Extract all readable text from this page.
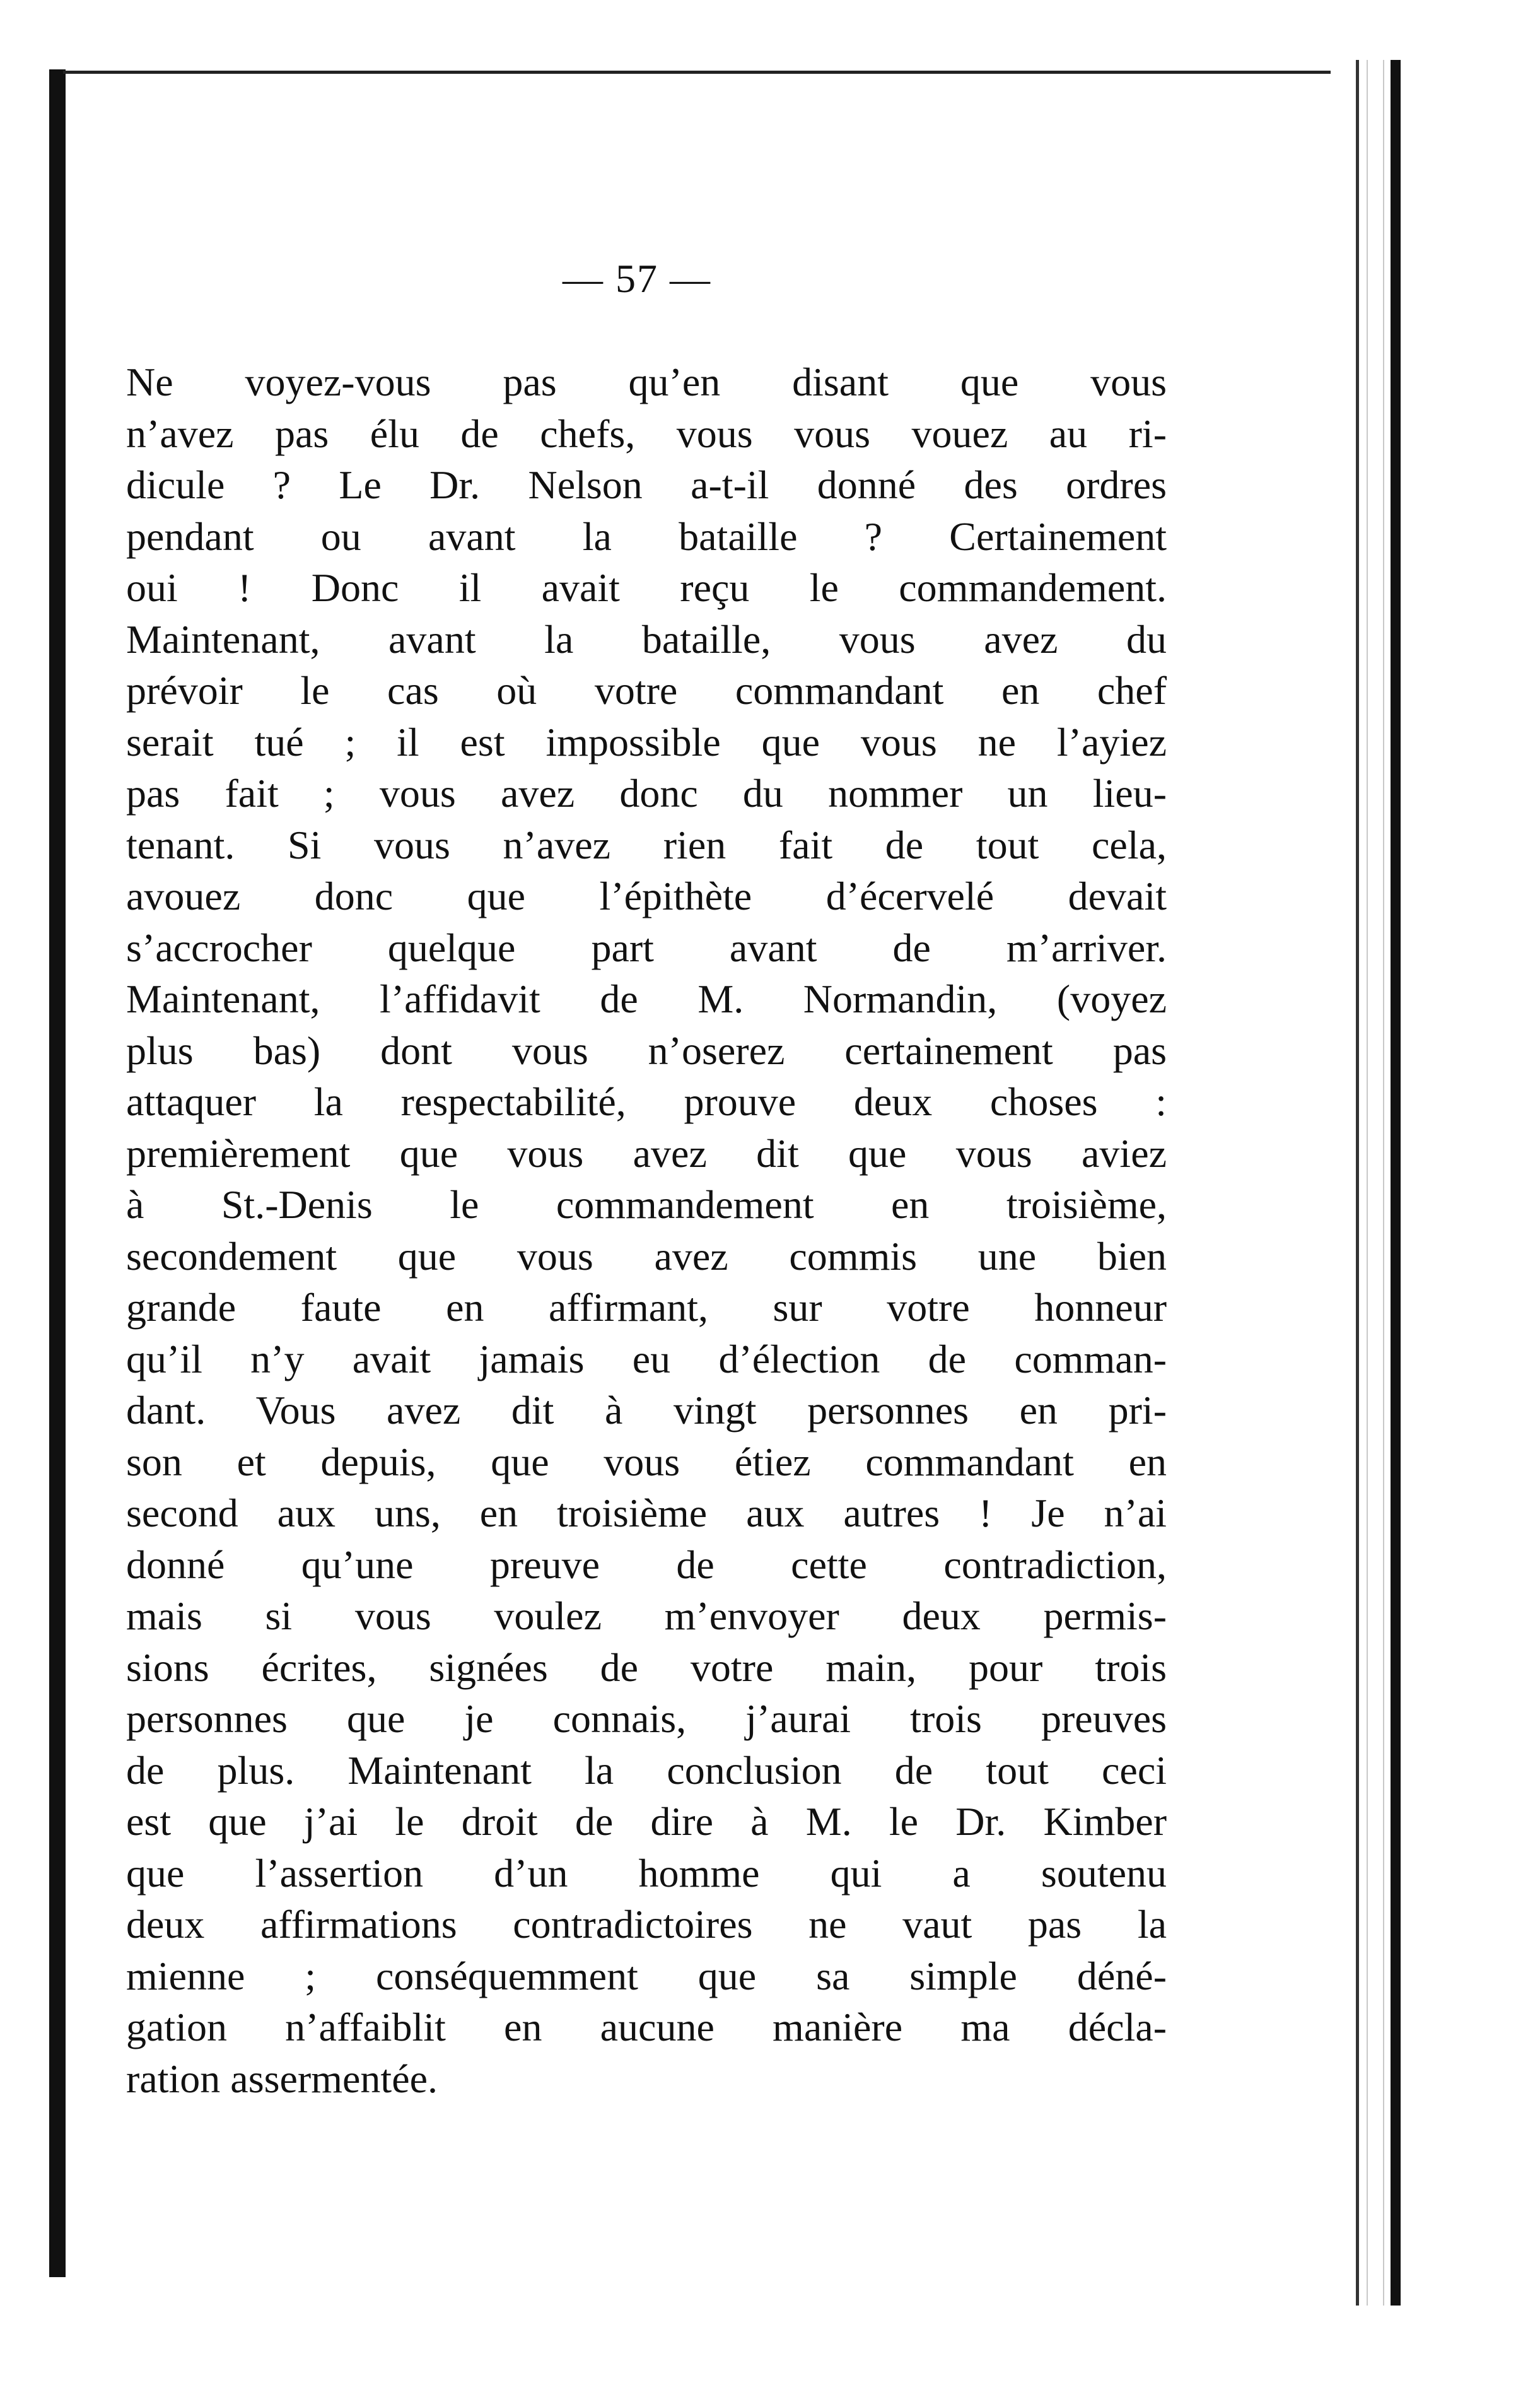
— 57 —

Ne voyez-vous pas qu’en disant que vous
n’avez pas élu de chefs, vous vous vouez au ri-
dicule ? Le Dr. Nelson a-t-il donné des ordres
pendant ou avant la bataille ? Certainement
oui ! Donc il avait reçu le commandement.
Maintenant, avant la bataille, vous avez du
prévoir le cas où votre commandant en chef
serait tué ; il est impossible que vous ne l’ayiez
pas fait ; vous avez donc du nommer un lieu-
tenant. Si vous n’avez rien fait de tout cela,
avouez donc que l’épithète d’écervelé devait
s’accrocher quelque part avant de m’arriver.
Maintenant, l’affidavit de M. Normandin, (voyez
plus bas) dont vous n’oserez certainement pas
attaquer la respectabilité, prouve deux choses :
premièrement que vous avez dit que vous aviez
à St.-Denis le commandement en troisième,
secondement que vous avez commis une bien
grande faute en affirmant, sur votre honneur
qu’il n’y avait jamais eu d’élection de comman-
dant. Vous avez dit à vingt personnes en pri-
son et depuis, que vous étiez commandant en
second aux uns, en troisième aux autres ! Je n’ai
donné qu’une preuve de cette contradiction,
mais si vous voulez m’envoyer deux permis-
sions écrites, signées de votre main, pour trois
personnes que je connais, j’aurai trois preuves
de plus. Maintenant la conclusion de tout ceci
est que j’ai le droit de dire à M. le Dr. Kimber
que l’assertion d’un homme qui a soutenu
deux affirmations contradictoires ne vaut pas la
mienne ; conséquemment que sa simple déné-
gation n’affaiblit en aucune manière ma décla-
ration assermentée.
